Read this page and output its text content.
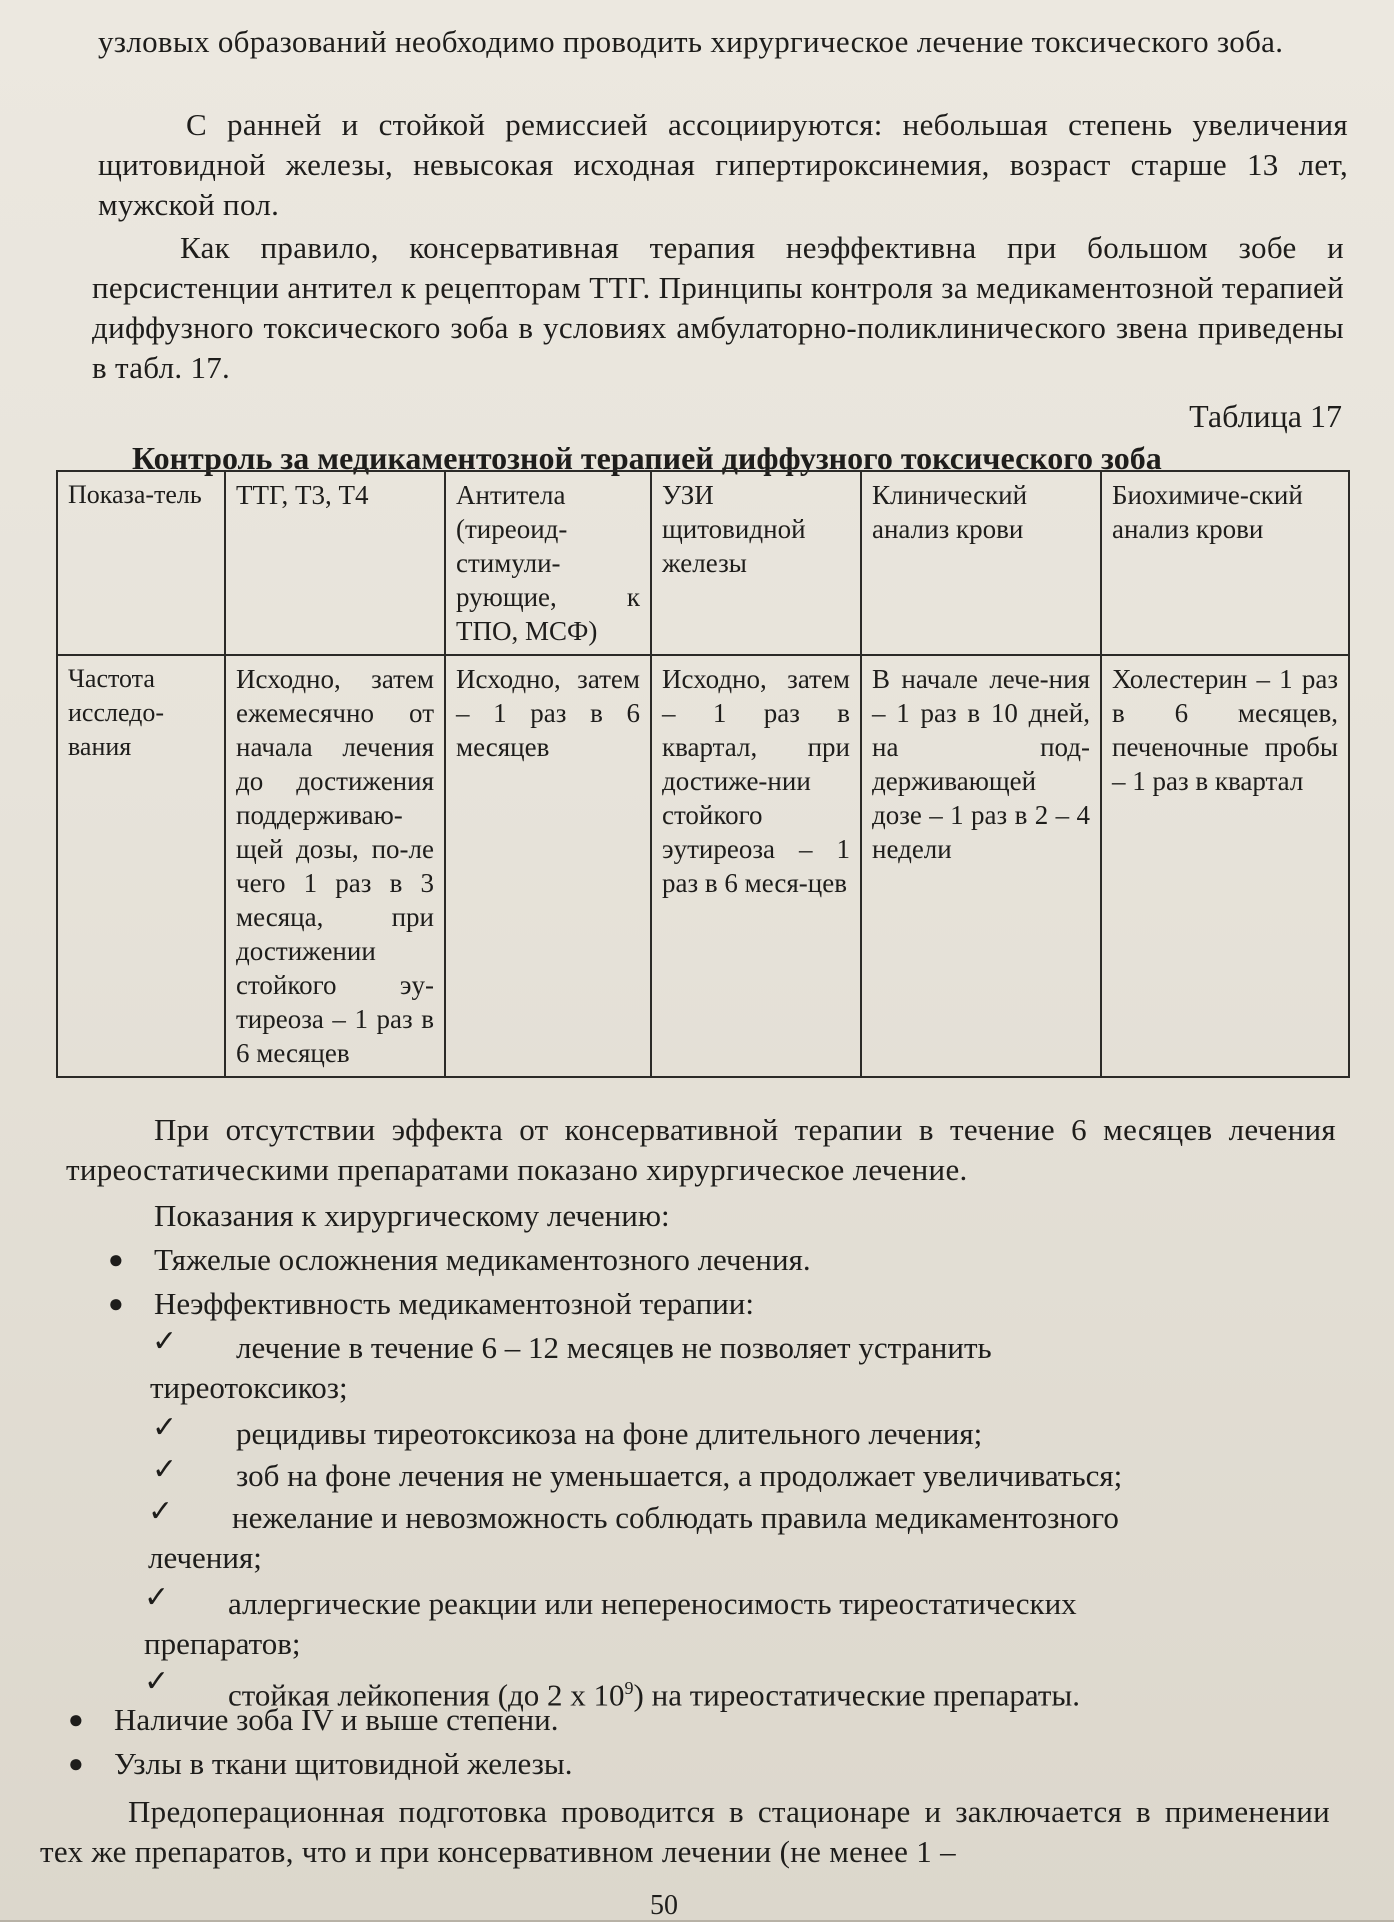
узловых образований необходимо проводить хирургическое лечение токсического зоба.

С ранней и стойкой ремиссией ассоциируются: небольшая степень увеличения щитовидной железы, невысокая исходная гипертироксинемия, возраст старше 13 лет, мужской пол.

Как правило, консервативная терапия неэффективна при большом зобе и персистенции антител к рецепторам ТТГ. Принципы контроля за медикаментозной терапией диффузного токсического зоба в условиях амбулаторно-поликлинического звена приведены в табл. 17.

Таблица 17
Контроль за медикаментозной терапией диффузного токсического зоба
Показа-тель	ТТГ, Т3, Т4	Антитела (тиреоид-стимули-рующие, к ТПО, МСФ)	УЗИ щитовидной железы	Клинический анализ крови	Биохимиче-ский анализ крови
Частота исследо-вания	Исходно, затем ежемесячно от начала лечения до достижения поддерживаю-щей дозы, по-ле чего 1 раз в 3 месяца, при достижении стойкого эу-тиреоза – 1 раз в 6 месяцев	Исходно, затем – 1 раз в 6 месяцев	Исходно, затем – 1 раз в квартал, при достиже-нии стойкого эутиреоза – 1 раз в 6 меся-цев	В начале лече-ния – 1 раз в 10 дней, на под-держивающей дозе – 1 раз в 2 – 4 недели	Холестерин – 1 раз в 6 месяцев, печеночные пробы – 1 раз в квартал

При отсутствии эффекта от консервативной терапии в течение 6 месяцев лечения тиреостатическими препаратами показано хирургическое лечение.

Показания к хирургическому лечению:
● Тяжелые осложнения медикаментозного лечения.
● Неэффективность медикаментозной терапии:
✓	лечение в течение 6 – 12 месяцев не позволяет устранить
тиреотоксикоз;
✓	рецидивы тиреотоксикоза на фоне длительного лечения;
✓	зоб на фоне лечения не уменьшается, а продолжает увеличиваться;
✓	нежелание и невозможность соблюдать правила медикаментозного
лечения;
✓	аллергические реакции или непереносимость тиреостатических
препаратов;
✓	стойкая лейкопения (до 2 х $10^9$) на тиреостатические препараты.
● Наличие зоба IV и выше степени.
● Узлы в ткани щитовидной железы.

Предоперационная подготовка проводится в стационаре и заключается в применении тех же препаратов, что и при консервативном лечении (не менее 1 –

50
